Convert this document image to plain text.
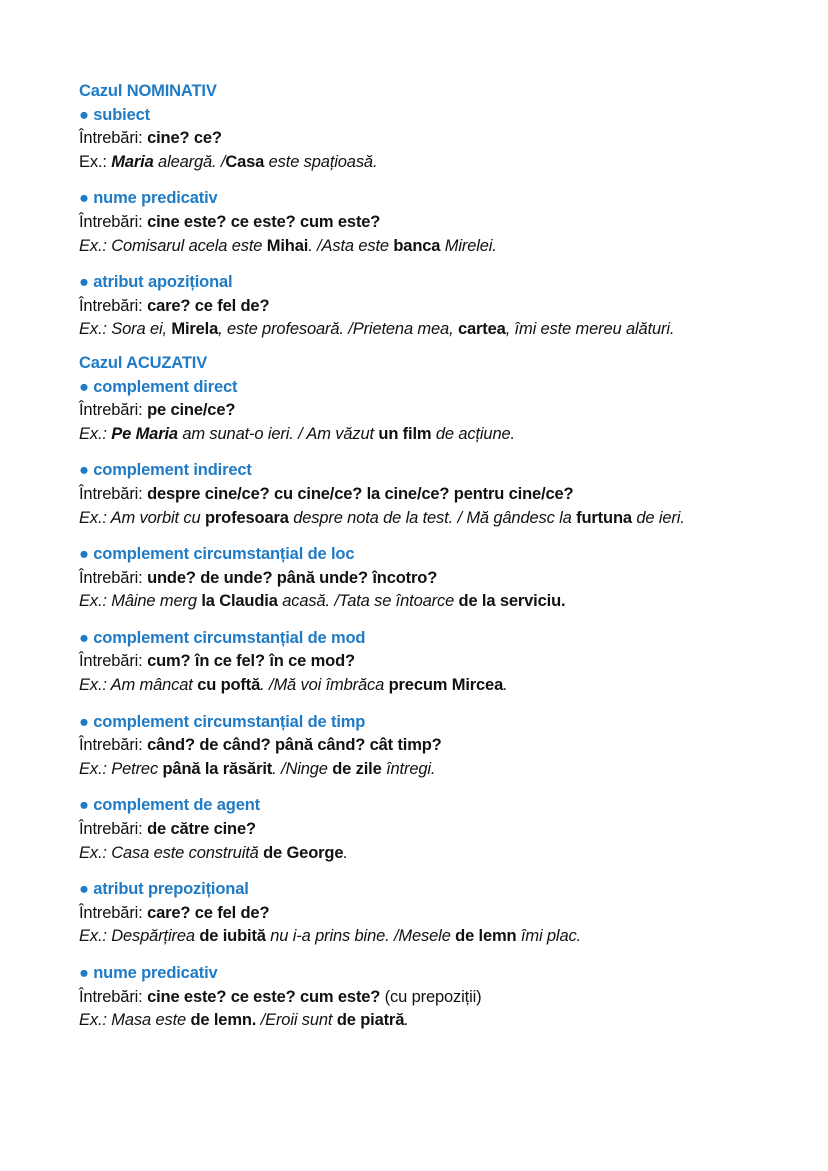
Cazul NOMINATIV
● subiect
Întrebări: cine? ce?
Ex.: Maria aleargă. /Casa este spațioasă.
● nume predicativ
Întrebări: cine este? ce este? cum este?
Ex.: Comisarul acela este Mihai. /Asta este banca Mirelei.
● atribut apozițional
Întrebări: care? ce fel de?
Ex.: Sora ei, Mirela, este profesoară. /Prietena mea, cartea, îmi este mereu alături.
Cazul ACUZATIV
● complement direct
Întrebări: pe cine/ce?
Ex.: Pe Maria am sunat-o ieri. / Am văzut un film de acțiune.
● complement indirect
Întrebări: despre cine/ce? cu cine/ce? la cine/ce? pentru cine/ce?
Ex.: Am vorbit cu profesoara despre nota de la test. / Mă gândesc la furtuna de ieri.
● complement circumstanțial de loc
Întrebări: unde? de unde? până unde? încotro?
Ex.: Mâine merg la Claudia acasă. /Tata se întoarce de la serviciu.
● complement circumstanțial de mod
Întrebări: cum? în ce fel? în ce mod?
Ex.: Am mâncat cu poftă. /Mă voi îmbrăca precum Mircea.
● complement circumstanțial de timp
Întrebări: când? de când? până când? cât timp?
Ex.: Petrec până la răsărit. /Ninge de zile întregi.
● complement de agent
Întrebări: de către cine?
Ex.: Casa este construită de George.
● atribut prepozițional
Întrebări: care? ce fel de?
Ex.: Despărțirea de iubită nu i-a prins bine. /Mesele de lemn îmi plac.
● nume predicativ
Întrebări: cine este? ce este? cum este? (cu prepoziții)
Ex.: Masa este de lemn. /Eroii sunt de piatră.
